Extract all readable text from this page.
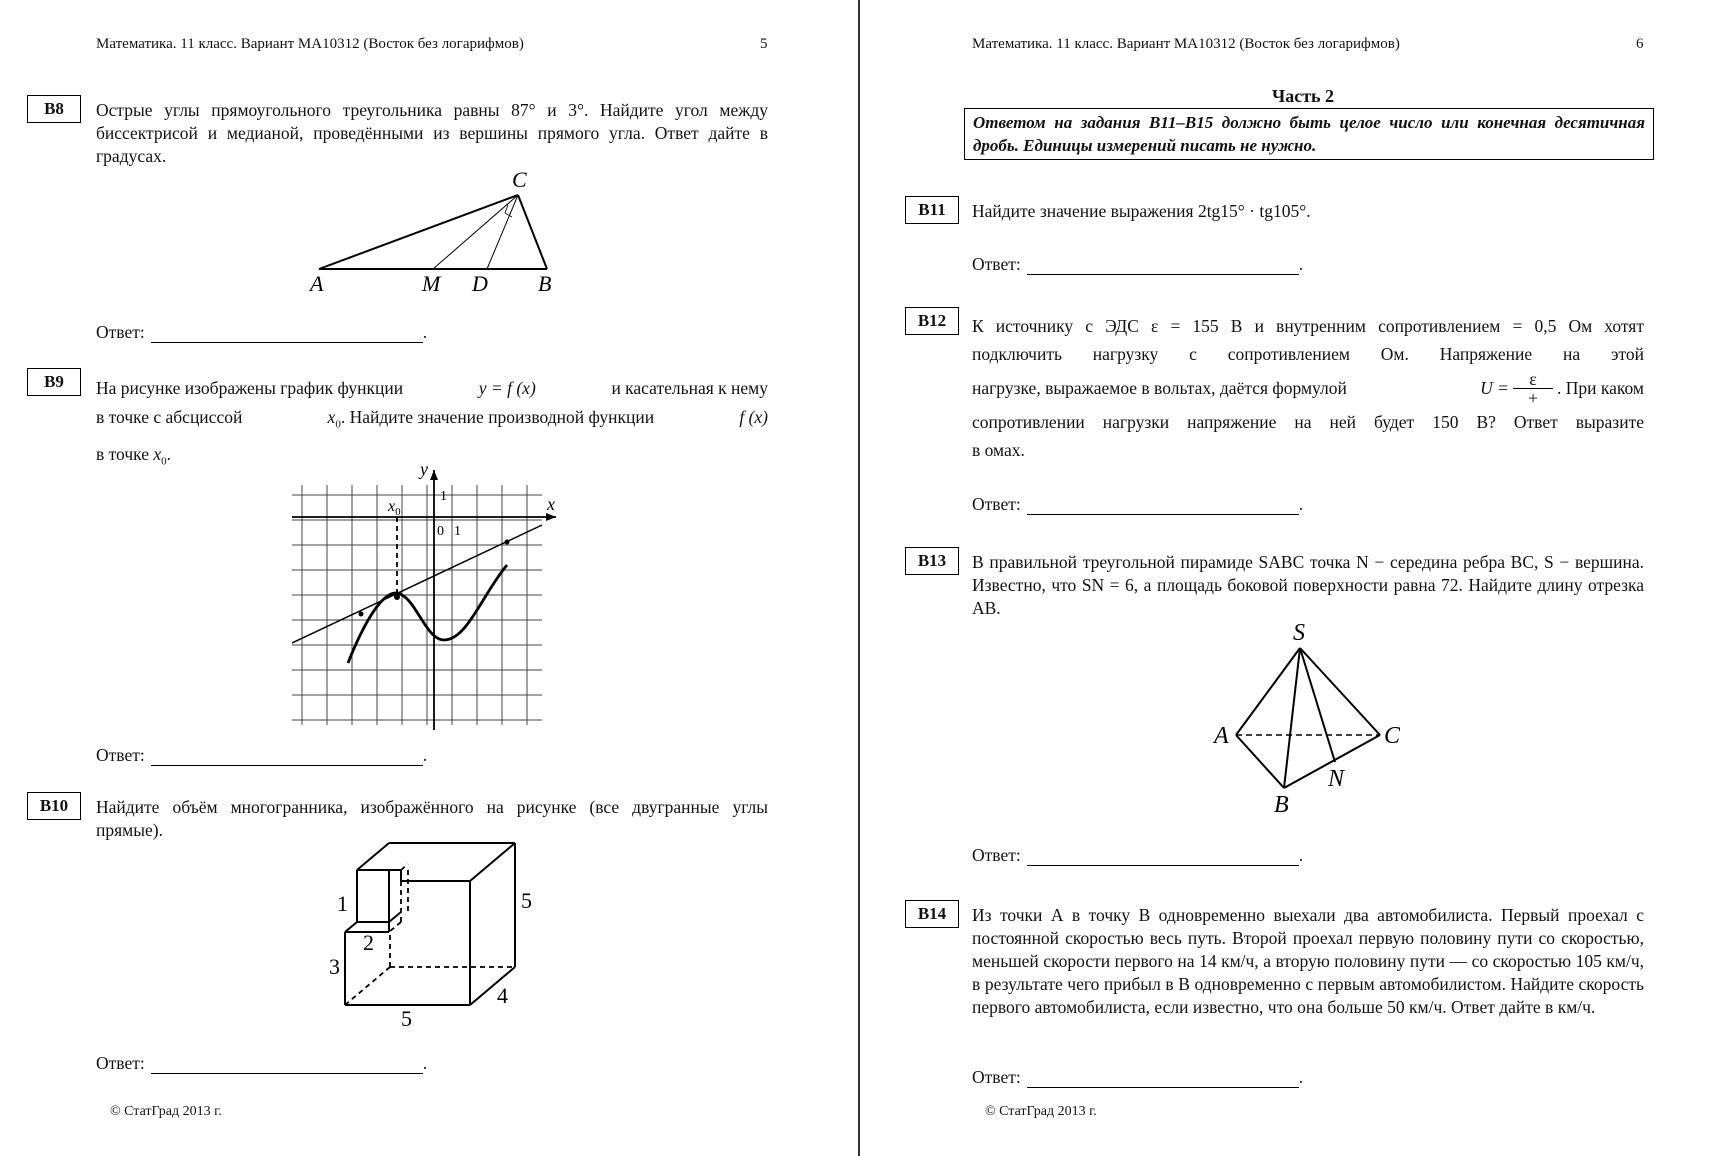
Математика. 11 класс. Вариант МА10312 (Восток без логарифмов)	5
B8	Острые углы прямоугольного треугольника равны 87° и 3°. Найдите угол между биссектрисой и медианой, проведёнными из вершины прямого угла. Ответ дайте в градусах.
C
A	M D B
Ответ:	.
B9	На рисунке изображены график функции	y = f (x)	и касательная к нему
в точке с абсциссой	$x_0$. Найдите значение производной функции	f (x)
в точке $x_0$.
y
x
1
0 1
$x_0$
Ответ:	.
B10	Найдите объём многогранника, изображённого на рисунке (все двугранные углы прямые).
1
2
3
5
4
5
Ответ:	.
© СтатГрад 2013 г.
Математика. 11 класс. Вариант МА10312 (Восток без логарифмов)	6
Часть 2
Ответом на задания B11–B15 должно быть целое число или конечная десятичная дробь. Единицы измерений писать не нужно.
B11	Найдите значение выражения 2tg15° · tg105°.
Ответ:	.
B12	К источнику с ЭДС ε = 155 В и внутренним сопротивлением = 0,5 Ом хотят
подключить нагрузку с сопротивлением Ом. Напряжение на этой
нагрузке, выражаемое в вольтах, даётся формулой	U =	ε
+ . При каком
сопротивлении нагрузки напряжение на ней будет 150 В? Ответ выразите
в омах.
Ответ:	.
B13	В правильной треугольной пирамиде SABC точка N − середина ребра BC, S − вершина. Известно, что SN = 6, а площадь боковой поверхности равна 72. Найдите длину отрезка AB.
S
A	C
N
B
Ответ:	.
B14	Из точки А в точку В одновременно выехали два автомобилиста. Первый проехал с постоянной скоростью весь путь. Второй проехал первую половину пути со скоростью, меньшей скорости первого на 14 км/ч, а вторую половину пути — со скоростью 105 км/ч, в результате чего прибыл в В одновременно с первым автомобилистом. Найдите скорость первого автомобилиста, если известно, что она больше 50 км/ч. Ответ дайте в км/ч.
Ответ:	.
© СтатГрад 2013 г.
